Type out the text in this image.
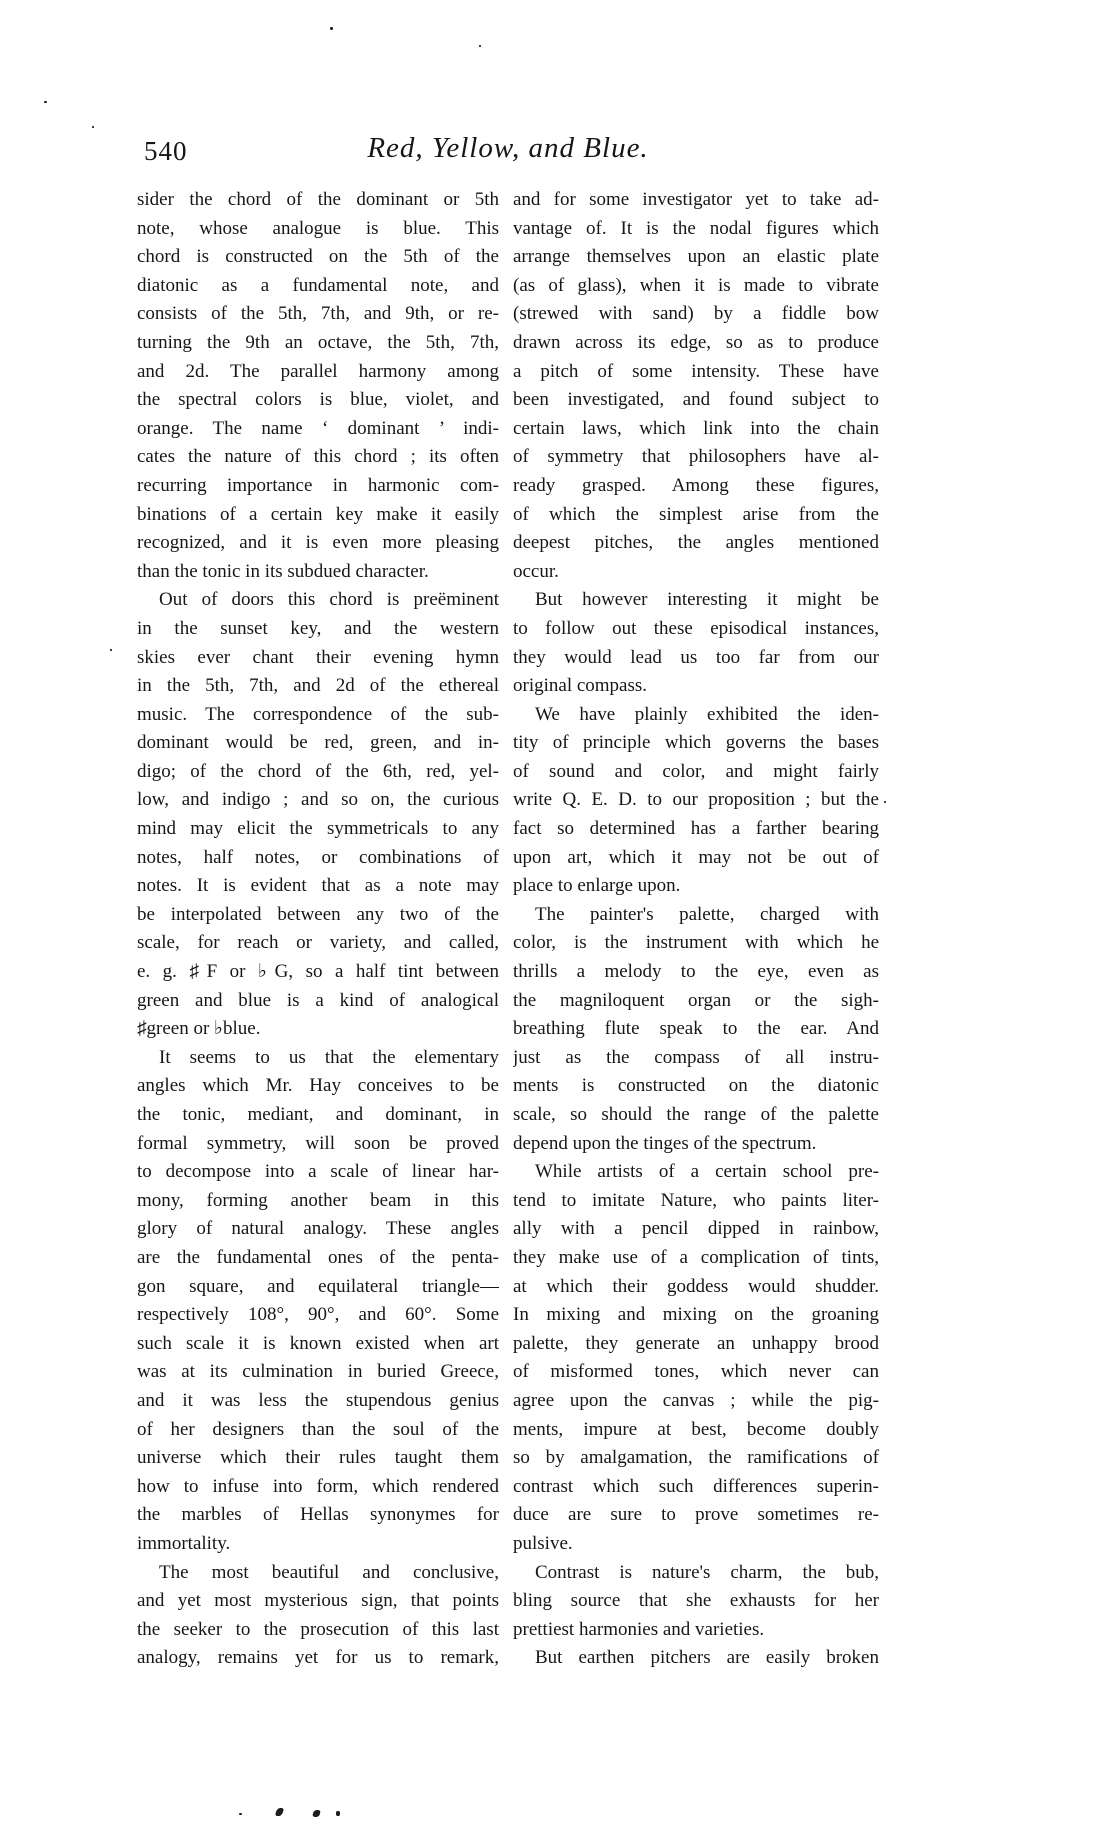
540	Red, Yellow, and Blue.
sider the chord of the dominant or 5th
note, whose analogue is blue. This
chord is constructed on the 5th of the
diatonic as a fundamental note, and
consists of the 5th, 7th, and 9th, or re-
turning the 9th an octave, the 5th, 7th,
and 2d. The parallel harmony among
the spectral colors is blue, violet, and
orange. The name ‘ dominant ’ indi-
cates the nature of this chord ; its often
recurring importance in harmonic com-
binations of a certain key make it easily
recognized, and it is even more pleasing
than the tonic in its subdued character.
Out of doors this chord is preëminent
in the sunset key, and the western
skies ever chant their evening hymn
in the 5th, 7th, and 2d of the ethereal
music. The correspondence of the sub-
dominant would be red, green, and in-
digo; of the chord of the 6th, red, yel-
low, and indigo ; and so on, the curious
mind may elicit the symmetricals to any
notes, half notes, or combinations of
notes. It is evident that as a note may
be interpolated between any two of the
scale, for reach or variety, and called,
e. g. ♯F or ♭G, so a half tint between
green and blue is a kind of analogical
♯green or ♭blue.
It seems to us that the elementary
angles which Mr. Hay conceives to be
the tonic, mediant, and dominant, in
formal symmetry, will soon be proved
to decompose into a scale of linear har-
mony, forming another beam in this
glory of natural analogy. These angles
are the fundamental ones of the penta-
gon square, and equilateral triangle—
respectively 108°, 90°, and 60°. Some
such scale it is known existed when art
was at its culmination in buried Greece,
and it was less the stupendous genius
of her designers than the soul of the
universe which their rules taught them
how to infuse into form, which rendered
the marbles of Hellas synonymes for
immortality.
The most beautiful and conclusive,
and yet most mysterious sign, that points
the seeker to the prosecution of this last
analogy, remains yet for us to remark,
and for some investigator yet to take ad-
vantage of. It is the nodal figures which
arrange themselves upon an elastic plate
(as of glass), when it is made to vibrate
(strewed with sand) by a fiddle bow
drawn across its edge, so as to produce
a pitch of some intensity. These have
been investigated, and found subject to
certain laws, which link into the chain
of symmetry that philosophers have al-
ready grasped. Among these figures,
of which the simplest arise from the
deepest pitches, the angles mentioned
occur.
But however interesting it might be
to follow out these episodical instances,
they would lead us too far from our
original compass.
We have plainly exhibited the iden-
tity of principle which governs the bases
of sound and color, and might fairly
write Q. E. D. to our proposition ; but the
fact so determined has a farther bearing
upon art, which it may not be out of
place to enlarge upon.
The painter's palette, charged with
color, is the instrument with which he
thrills a melody to the eye, even as
the magniloquent organ or the sigh-
breathing flute speak to the ear. And
just as the compass of all instru-
ments is constructed on the diatonic
scale, so should the range of the palette
depend upon the tinges of the spectrum.
While artists of a certain school pre-
tend to imitate Nature, who paints liter-
ally with a pencil dipped in rainbow,
they make use of a complication of tints,
at which their goddess would shudder.
In mixing and mixing on the groaning
palette, they generate an unhappy brood
of misformed tones, which never can
agree upon the canvas ; while the pig-
ments, impure at best, become doubly
so by amalgamation, the ramifications of
contrast which such differences superin-
duce are sure to prove sometimes re-
pulsive.
Contrast is nature's charm, the bub,
bling source that she exhausts for her
prettiest harmonies and varieties.
But earthen pitchers are easily broken
